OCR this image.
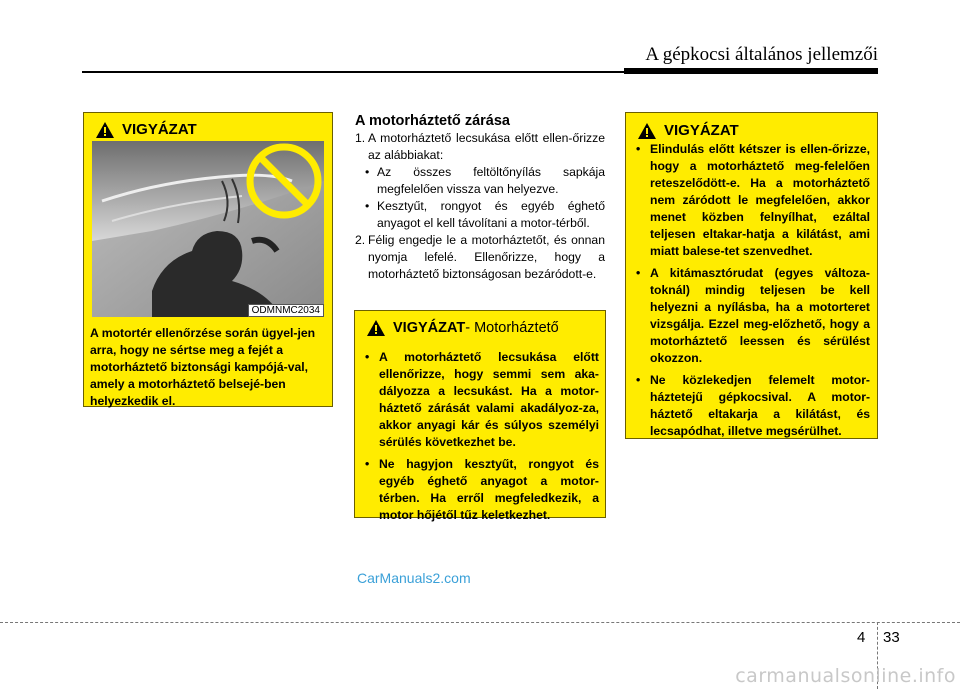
A gépkocsi általános jellemzői
VIGYÁZAT
ODMNMC2034
A motortér ellenőrzése során ügyel-jen arra, hogy ne sértse meg a fejét a motorháztető biztonsági kampójá-val, amely a motorháztető belsejé-ben helyezkedik el.
A motorháztető zárása
1. A motorháztető lecsukása előtt ellen-őrizze az alábbiakat:
• Az összes feltöltőnyílás sapkája megfelelően vissza van helyezve.
• Kesztyűt, rongyot és egyéb éghető anyagot el kell távolítani a motor-térből.
2. Félig engedje le a motorháztetőt, és onnan nyomja lefelé. Ellenőrizze, hogy a motorháztető biztonságosan bezáródott-e.
VIGYÁZAT - Motorháztető
• A motorháztető lecsukása előtt ellenőrizze, hogy semmi sem aka-dályozza a lecsukást. Ha a motor-háztető zárását valami akadályoz-za, akkor anyagi kár és súlyos személyi sérülés következhet be.
• Ne hagyjon kesztyűt, rongyot és egyéb éghető anyagot a motor-térben. Ha erről megfeledkezik, a motor hőjétől tűz keletkezhet.
VIGYÁZAT
• Elindulás előtt kétszer is ellen-őrizze, hogy a motorháztető meg-felelően reteszelődött-e. Ha a motorháztető nem záródott le megfelelően, akkor menet közben felnyílhat, ezáltal teljesen eltakar-hatja a kilátást, ami miatt balese-tet szenvedhet.
• A kitámasztórudat (egyes változa-toknál) mindig teljesen be kell helyezni a nyílásba, ha a motorteret vizsgálja. Ezzel meg-előzhető, hogy a motorháztető leessen és sérülést okozzon.
• Ne közlekedjen felemelt motor-háztetejű gépkocsival. A motor-háztető eltakarja a kilátást, és lecsapódhat, illetve megsérülhet.
CarManuals2.com
4 33
carmanualsonline.info
